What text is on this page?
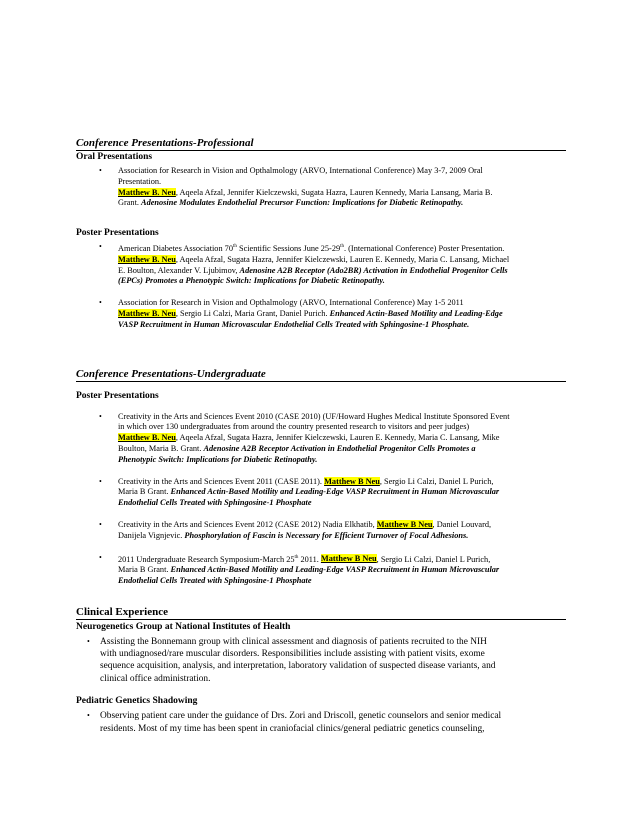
Conference Presentations-Professional
Oral Presentations
• Association for Research in Vision and Opthalmology (ARVO, International Conference) May 3-7, 2009 Oral
Presentation.
Matthew B. Neu, Aqeela Afzal, Jennifer Kielczewski, Sugata Hazra, Lauren Kennedy, Maria Lansang, Maria B.
Grant. Adenosine Modulates Endothelial Precursor Function: Implications for Diabetic Retinopathy.
Poster Presentations
• American Diabetes Association 70th Scientific Sessions June 25-29th. (International Conference) Poster Presentation.
Matthew B. Neu, Aqeela Afzal, Sugata Hazra, Jennifer Kielczewski, Lauren E. Kennedy, Maria C. Lansang, Michael
E. Boulton, Alexander V. Ljubimov, Adenosine A2B Receptor (Ado2BR) Activation in Endothelial Progenitor Cells
(EPCs) Promotes a Phenotypic Switch: Implications for Diabetic Retinopathy.
• Association for Research in Vision and Opthalmology (ARVO, International Conference) May 1-5 2011
Matthew B. Neu, Sergio Li Calzi, Maria Grant, Daniel Purich. Enhanced Actin-Based Motility and Leading-Edge
VASP Recruitment in Human Microvascular Endothelial Cells Treated with Sphingosine-1 Phosphate.
Conference Presentations-Undergraduate
Poster Presentations
• Creativity in the Arts and Sciences Event 2010 (CASE 2010) (UF/Howard Hughes Medical Institute Sponsored Event
in which over 130 undergraduates from around the country presented research to visitors and peer judges)
Matthew B. Neu, Aqeela Afzal, Sugata Hazra, Jennifer Kielczewski, Lauren E. Kennedy, Maria C. Lansang, Mike
Boulton, Maria B. Grant. Adenosine A2B Receptor Activation in Endothelial Progenitor Cells Promotes a
Phenotypic Switch: Implications for Diabetic Retinopathy.
• Creativity in the Arts and Sciences Event 2011 (CASE 2011). Matthew B Neu, Sergio Li Calzi, Daniel L Purich,
Maria B Grant. Enhanced Actin-Based Motility and Leading-Edge VASP Recruitment in Human Microvascular
Endothelial Cells Treated with Sphingosine-1 Phosphate
• Creativity in the Arts and Sciences Event 2012 (CASE 2012) Nadia Elkhatib, Matthew B Neu, Daniel Louvard,
Danijela Vignjevic. Phosphorylation of Fascin is Necessary for Efficient Turnover of Focal Adhesions.
• 2011 Undergraduate Research Symposium-March 25th 2011. Matthew B Neu, Sergio Li Calzi, Daniel L Purich,
Maria B Grant. Enhanced Actin-Based Motility and Leading-Edge VASP Recruitment in Human Microvascular
Endothelial Cells Treated with Sphingosine-1 Phosphate
Clinical Experience
Neurogenetics Group at National Institutes of Health
• Assisting the Bonnemann group with clinical assessment and diagnosis of patients recruited to the NIH
with undiagnosed/rare muscular disorders. Responsibilities include assisting with patient visits, exome
sequence acquisition, analysis, and interpretation, laboratory validation of suspected disease variants, and
clinical office administration.
Pediatric Genetics Shadowing
• Observing patient care under the guidance of Drs. Zori and Driscoll, genetic counselors and senior medical
residents. Most of my time has been spent in craniofacial clinics/general pediatric genetics counseling,
